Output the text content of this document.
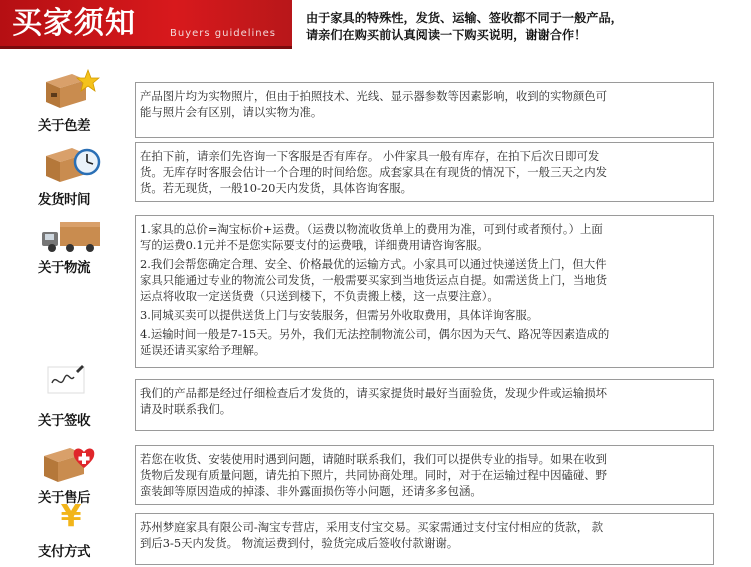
买家须知	Buyers guidelines
由于家具的特殊性，发货、运输、签收都不同于一般产品，
请亲们在购买前认真阅读一下购买说明，谢谢合作！
关于色差

产品图片均为实物照片，但由于拍照技术、光线、显示器参数等因素影响，收到的实物颜色可
能与照片会有区别，请以实物为准。

发货时间

在拍下前，请亲们先咨询一下客服是否有库存。 小件家具一般有库存，在拍下后次日即可发
货。无库存时客服会估计一个合理的时间给您。成套家具在有现货的情况下，一般三天之内发
货。若无现货，一般10-20天内发货，具体咨询客服。

关于物流

1.家具的总价=淘宝标价+运费。（运费以物流收货单上的费用为准，可到付或者预付。）上面
写的运费0.1元并不是您实际要支付的运费哦，详细费用请咨询客服。

2.我们会帮您确定合理、安全、价格最优的运输方式。小家具可以通过快递送货上门，但大件
家具只能通过专业的物流公司发货，一般需要买家到当地货运点自提。如需送货上门，当地货
运点将收取一定送货费（只送到楼下，不负责搬上楼，这一点要注意）。

3.同城买卖可以提供送货上门与安装服务，但需另外收取费用，具体详询客服。

4.运输时间一般是7-15天。另外，我们无法控制物流公司，偶尔因为天气、路况等因素造成的
延误还请买家给予理解。

关于签收

我们的产品都是经过仔细检查后才发货的，请买家提货时最好当面验货，发现少件或运输损坏
请及时联系我们。

关于售后

若您在收货、安装使用时遇到问题，请随时联系我们，我们可以提供专业的指导。如果在收到
货物后发现有质量问题，请先拍下照片，共同协商处理。同时，对于在运输过程中因磕碰、野
蛮装卸等原因造成的掉漆、非外露面损伤等小问题，还请多多包涵。

¥
支付方式

苏州梦庭家具有限公司-淘宝专营店，采用支付宝交易。买家需通过支付宝付相应的货款， 款
到后3-5天内发货。 物流运费到付，验货完成后签收付款谢谢。
